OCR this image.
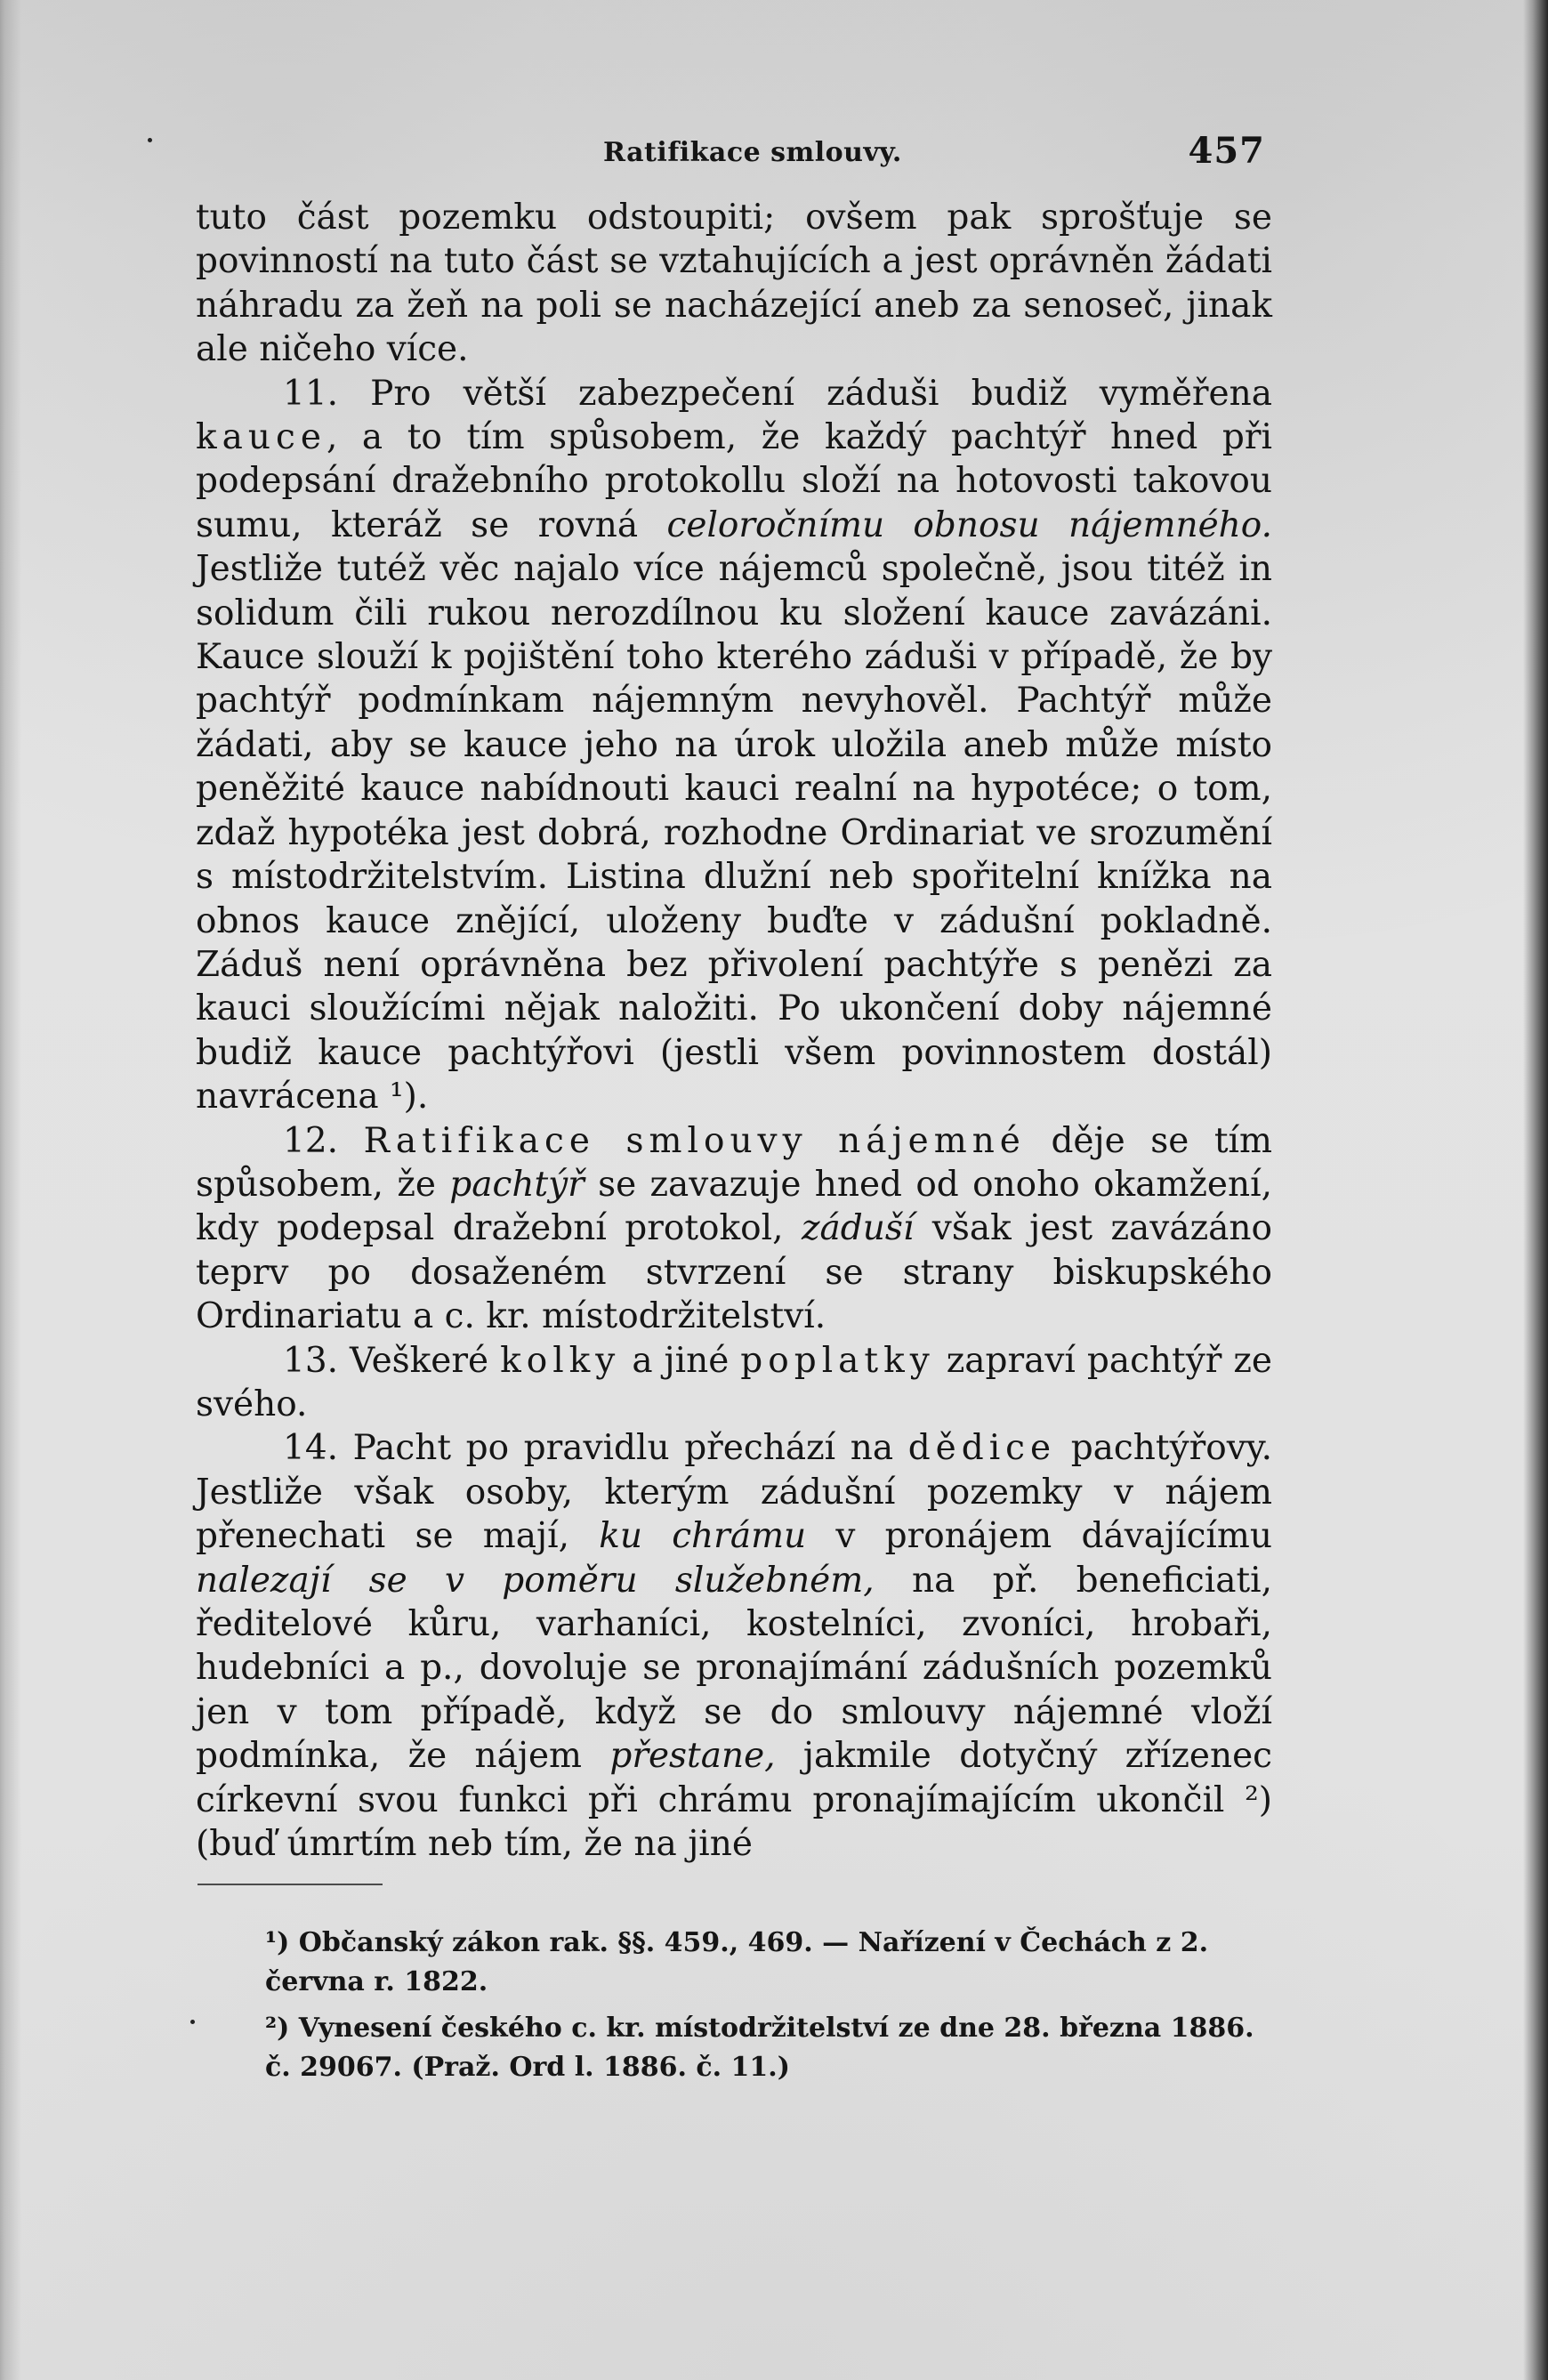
Ratifikace smlouvy.	457

tuto část pozemku odstoupiti; ovšem pak sprošťuje se povinností na tuto část se vztahujících a jest oprávněn žádati náhradu za žeň na poli se nacházející aneb za senoseč, jinak ale ničeho více.

11. Pro větší zabezpečení záduši budiž vyměřena kauce, a to tím spůsobem, že každý pachtýř hned při podepsání dražebního protokollu složí na hotovosti takovou sumu, kteráž se rovná celoročnímu obnosu nájemného. Jestliže tutéž věc najalo více nájemců společně, jsou titéž in solidum čili rukou nerozdílnou ku složení kauce zavázáni. Kauce slouží k pojištění toho kterého záduši v případě, že by pachtýř podmínkam nájemným nevyhověl. Pachtýř může žádati, aby se kauce jeho na úrok uložila aneb může místo peněžité kauce nabídnouti kauci realní na hypotéce; o tom, zdaž hypotéka jest dobrá, rozhodne Ordinariat ve srozumění s místodržitelstvím. Listina dlužní neb spořitelní knížka na obnos kauce znějící, uloženy buďte v zádušní pokladně. Záduš není oprávněna bez přivolení pachtýře s penězi za kauci sloužícími nějak naložiti. Po ukončení doby nájemné budiž kauce pachtýřovi (jestli všem povinnostem dostál) navrácena ¹).

12. Ratifikace smlouvy nájemné děje se tím spůsobem, že pachtýř se zavazuje hned od onoho okamžení, kdy podepsal dražební protokol, záduší však jest zavázáno teprv po dosaženém stvrzení se strany biskupského Ordinariatu a c. kr. místodržitelství.

13. Veškeré kolky a jiné poplatky zapraví pachtýř ze svého.

14. Pacht po pravidlu přechází na dědice pachtýřovy. Jestliže však osoby, kterým zádušní pozemky v nájem přenechati se mají, ku chrámu v pronájem dávajícímu nalezají se v poměru služebném, na př. beneficiati, ředitelové kůru, varhaníci, kostelníci, zvoníci, hrobaři, hudebníci a p., dovoluje se pronajímání zádušních pozemků jen v tom případě, když se do smlouvy nájemné vloží podmínka, že nájem přestane, jakmile dotyčný zřízenec církevní svou funkci při chrámu pronajímajícím ukončil ²) (buď úmrtím neb tím, že na jiné

¹) Občanský zákon rak. §§. 459., 469. — Nařízení v Čechách z 2. června r. 1822.

²) Vynesení českého c. kr. místodržitelství ze dne 28. března 1886. č. 29067. (Praž. Ord l. 1886. č. 11.)
